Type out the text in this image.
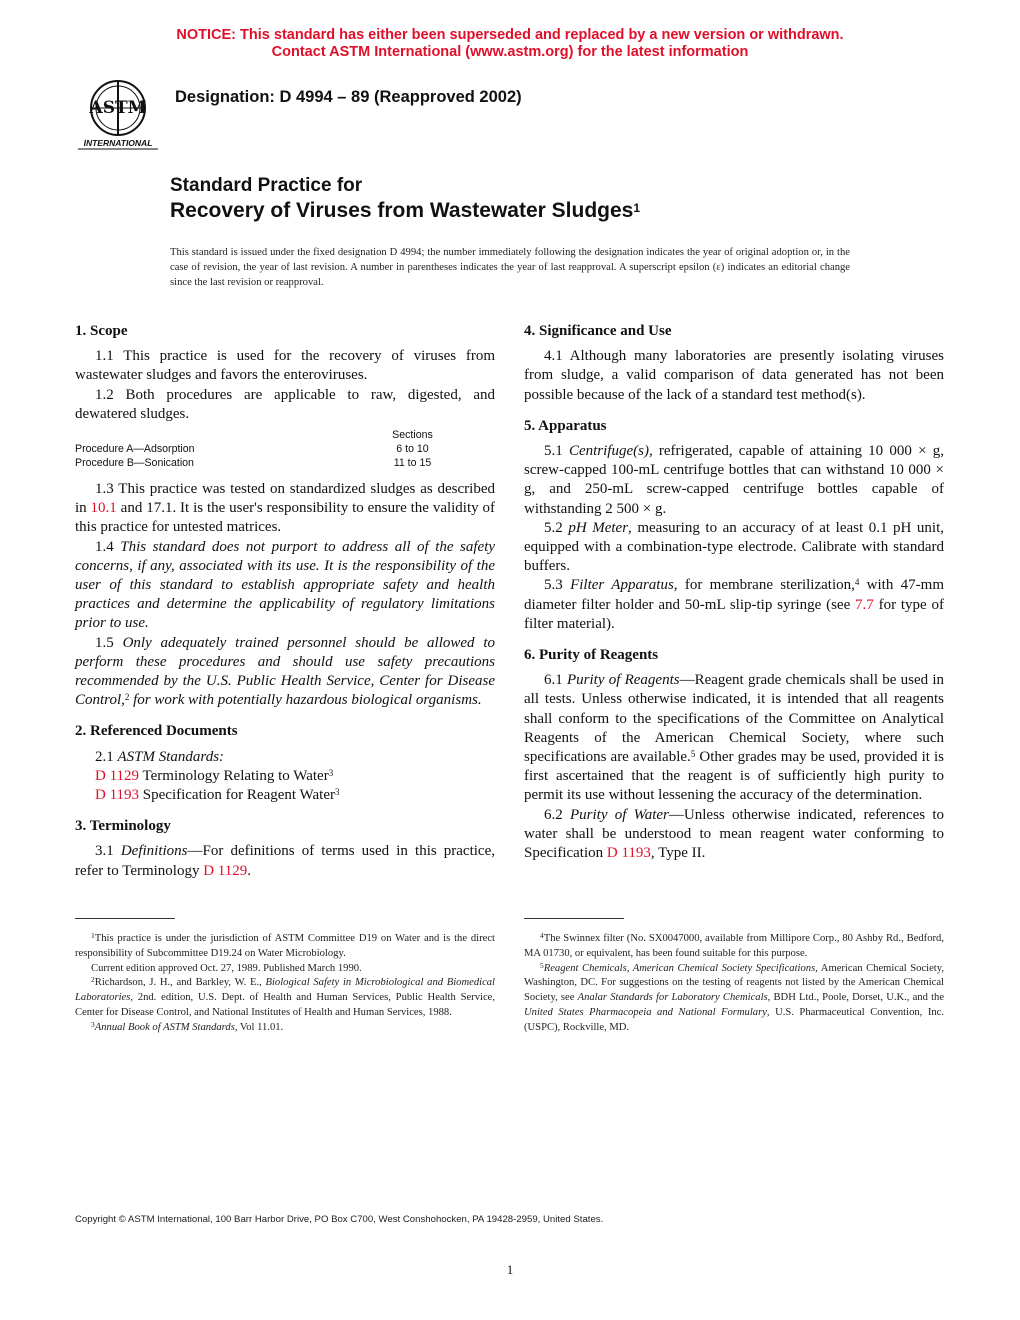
NOTICE: This standard has either been superseded and replaced by a new version or withdrawn.
Contact ASTM International (www.astm.org) for the latest information
ASTM
INTERNATIONAL
Designation: D 4994 – 89 (Reapproved 2002)
Standard Practice for
Recovery of Viruses from Wastewater Sludges$^1$
This standard is issued under the fixed designation D 4994; the number immediately following the designation indicates the year of original adoption or, in the case of revision, the year of last revision. A number in parentheses indicates the year of last reapproval. A superscript epsilon (ε) indicates an editorial change since the last revision or reapproval.
1. Scope

1.1 This practice is used for the recovery of viruses from wastewater sludges and favors the enteroviruses.

1.2 Both procedures are applicable to raw, digested, and dewatered sludges.

Sections
Procedure A—Adsorption	6 to 10
Procedure B—Sonication	11 to 15

1.3 This practice was tested on standardized sludges as described in 10.1 and 17.1. It is the user's responsibility to ensure the validity of this practice for untested matrices.

1.4 This standard does not purport to address all of the safety concerns, if any, associated with its use. It is the responsibility of the user of this standard to establish appropriate safety and health practices and determine the applicability of regulatory limitations prior to use.

1.5 Only adequately trained personnel should be allowed to perform these procedures and should use safety precautions recommended by the U.S. Public Health Service, Center for Disease Control,$^2$ for work with potentially hazardous biological organisms.

2. Referenced Documents

2.1 ASTM Standards:

D 1129 Terminology Relating to Water$^3$

D 1193 Specification for Reagent Water$^3$

3. Terminology

3.1 Definitions—For definitions of terms used in this practice, refer to Terminology D 1129.

4. Significance and Use

4.1 Although many laboratories are presently isolating viruses from sludge, a valid comparison of data generated has not been possible because of the lack of a standard test method(s).

5. Apparatus

5.1 Centrifuge(s), refrigerated, capable of attaining 10 000 × g, screw-capped 100-mL centrifuge bottles that can withstand 10 000 × g, and 250-mL screw-capped centrifuge bottles capable of withstanding 2 500 × g.

5.2 pH Meter, measuring to an accuracy of at least 0.1 pH unit, equipped with a combination-type electrode. Calibrate with standard buffers.

5.3 Filter Apparatus, for membrane sterilization,$^4$ with 47-mm diameter filter holder and 50-mL slip-tip syringe (see 7.7 for type of filter material).

6. Purity of Reagents

6.1 Purity of Reagents—Reagent grade chemicals shall be used in all tests. Unless otherwise indicated, it is intended that all reagents shall conform to the specifications of the Committee on Analytical Reagents of the American Chemical Society, where such specifications are available.$^5$ Other grades may be used, provided it is first ascertained that the reagent is of sufficiently high purity to permit its use without lessening the accuracy of the determination.

6.2 Purity of Water—Unless otherwise indicated, references to water shall be understood to mean reagent water conforming to Specification D 1193, Type II.

$^1$This practice is under the jurisdiction of ASTM Committee D19 on Water and is the direct responsibility of Subcommittee D19.24 on Water Microbiology.

Current edition approved Oct. 27, 1989. Published March 1990.

$^2$Richardson, J. H., and Barkley, W. E., Biological Safety in Microbiological and Biomedical Laboratories, 2nd. edition, U.S. Dept. of Health and Human Services, Public Health Service, Center for Disease Control, and National Institutes of Health and Human Services, 1988.

$^3$Annual Book of ASTM Standards, Vol 11.01.

$^4$The Swinnex filter (No. SX0047000, available from Millipore Corp., 80 Ashby Rd., Bedford, MA 01730, or equivalent, has been found suitable for this purpose.

$^5$Reagent Chemicals, American Chemical Society Specifications, American Chemical Society, Washington, DC. For suggestions on the testing of reagents not listed by the American Chemical Society, see Analar Standards for Laboratory Chemicals, BDH Ltd., Poole, Dorset, U.K., and the United States Pharmacopeia and National Formulary, U.S. Pharmaceutical Convention, Inc. (USPC), Rockville, MD.

Copyright © ASTM International, 100 Barr Harbor Drive, PO Box C700, West Conshohocken, PA 19428-2959, United States.
1
